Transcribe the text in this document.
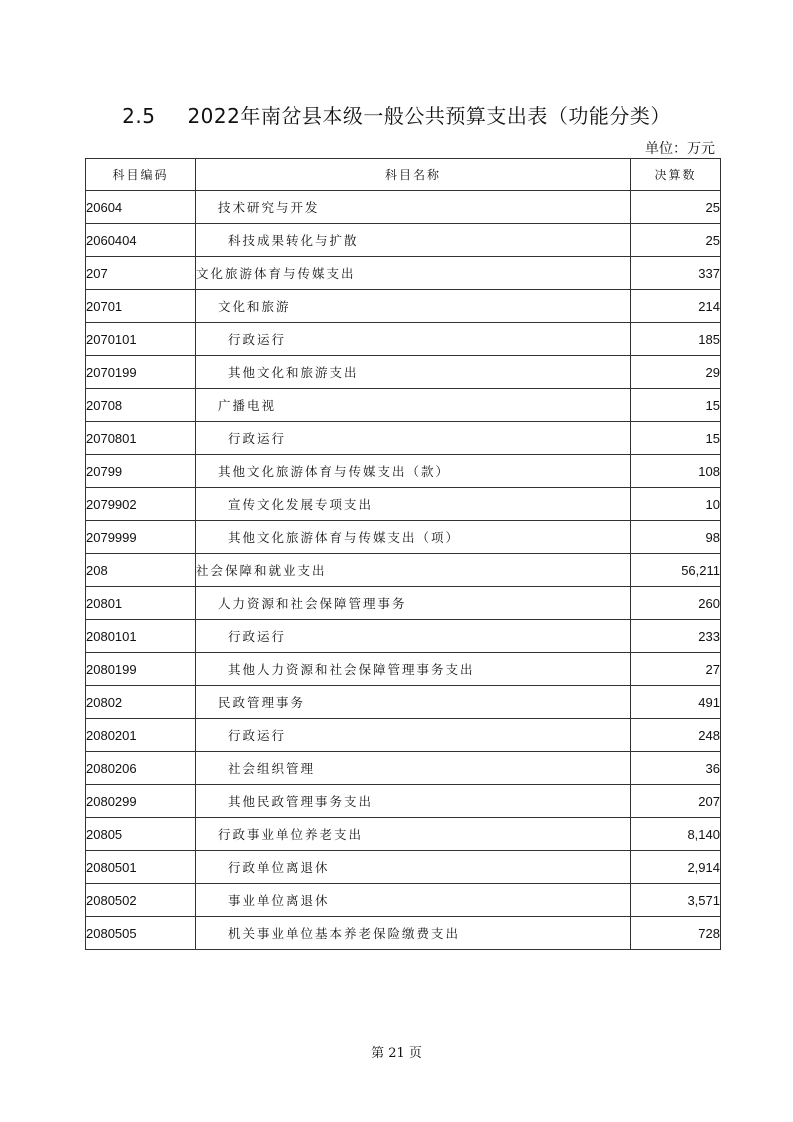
2.5 2022年南岔县本级一般公共预算支出表（功能分类）
单位：万元
科目编码	科目名称	决算数
20604	技术研究与开发	25
2060404	科技成果转化与扩散	25
207	文化旅游体育与传媒支出	337
20701	文化和旅游	214
2070101	行政运行	185
2070199	其他文化和旅游支出	29
20708	广播电视	15
2070801	行政运行	15
20799	其他文化旅游体育与传媒支出（款）	108
2079902	宣传文化发展专项支出	10
2079999	其他文化旅游体育与传媒支出（项）	98
208	社会保障和就业支出	56,211
20801	人力资源和社会保障管理事务	260
2080101	行政运行	233
2080199	其他人力资源和社会保障管理事务支出	27
20802	民政管理事务	491
2080201	行政运行	248
2080206	社会组织管理	36
2080299	其他民政管理事务支出	207
20805	行政事业单位养老支出	8,140
2080501	行政单位离退休	2,914
2080502	事业单位离退休	3,571
2080505	机关事业单位基本养老保险缴费支出	728
第 21 页
